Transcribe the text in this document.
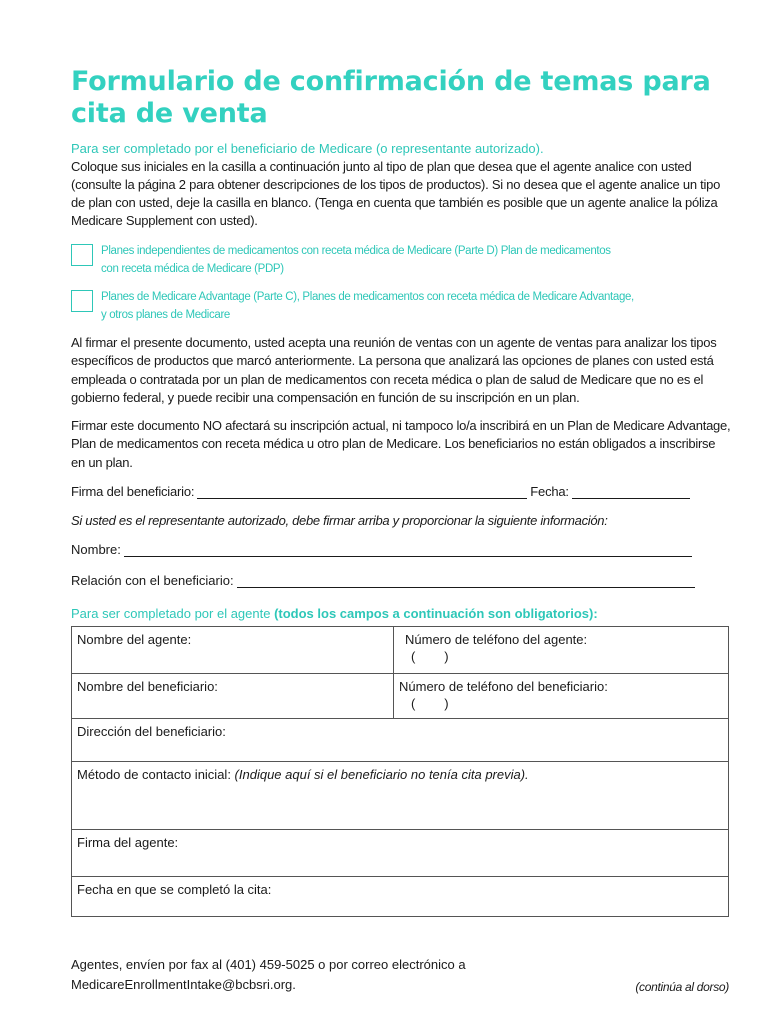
Formulario de confirmación de temas para cita de venta
Para ser completado por el beneficiario de Medicare (o representante autorizado).
Coloque sus iniciales en la casilla a continuación junto al tipo de plan que desea que el agente analice con usted (consulte la página 2 para obtener descripciones de los tipos de productos). Si no desea que el agente analice un tipo de plan con usted, deje la casilla en blanco. (Tenga en cuenta que también es posible que un agente analice la póliza Medicare Supplement con usted).
Planes independientes de medicamentos con receta médica de Medicare (Parte D) Plan de medicamentos
con receta médica de Medicare (PDP)
Planes de Medicare Advantage (Parte C), Planes de medicamentos con receta médica de Medicare Advantage,
y otros planes de Medicare
Al firmar el presente documento, usted acepta una reunión de ventas con un agente de ventas para analizar los tipos específicos de productos que marcó anteriormente. La persona que analizará las opciones de planes con usted está empleada o contratada por un plan de medicamentos con receta médica o plan de salud de Medicare que no es el gobierno federal, y puede recibir una compensación en función de su inscripción en un plan.
Firmar este documento NO afectará su inscripción actual, ni tampoco lo/a inscribirá en un Plan de Medicare Advantage, Plan de medicamentos con receta médica u otro plan de Medicare. Los beneficiarios no están obligados a inscribirse en un plan.
Firma del beneficiario:	Fecha:
Si usted es el representante autorizado, debe firmar arriba y proporcionar la siguiente información:
Nombre:
Relación con el beneficiario:
Para ser completado por el agente (todos los campos a continuación son obligatorios):
Nombre del agente:	Número de teléfono del agente:
(        )

Nombre del beneficiario:	Número de teléfono del beneficiario:
(        )

Dirección del beneficiario:	
Método de contacto inicial: (Indique aquí si el beneficiario no tenía cita previa).	
Firma del agente:	
Fecha en que se completó la cita:	
Agentes, envíen por fax al (401) 459-5025 o por correo electrónico a
MedicareEnrollmentIntake@bcbsri.org.	(continúa al dorso)
